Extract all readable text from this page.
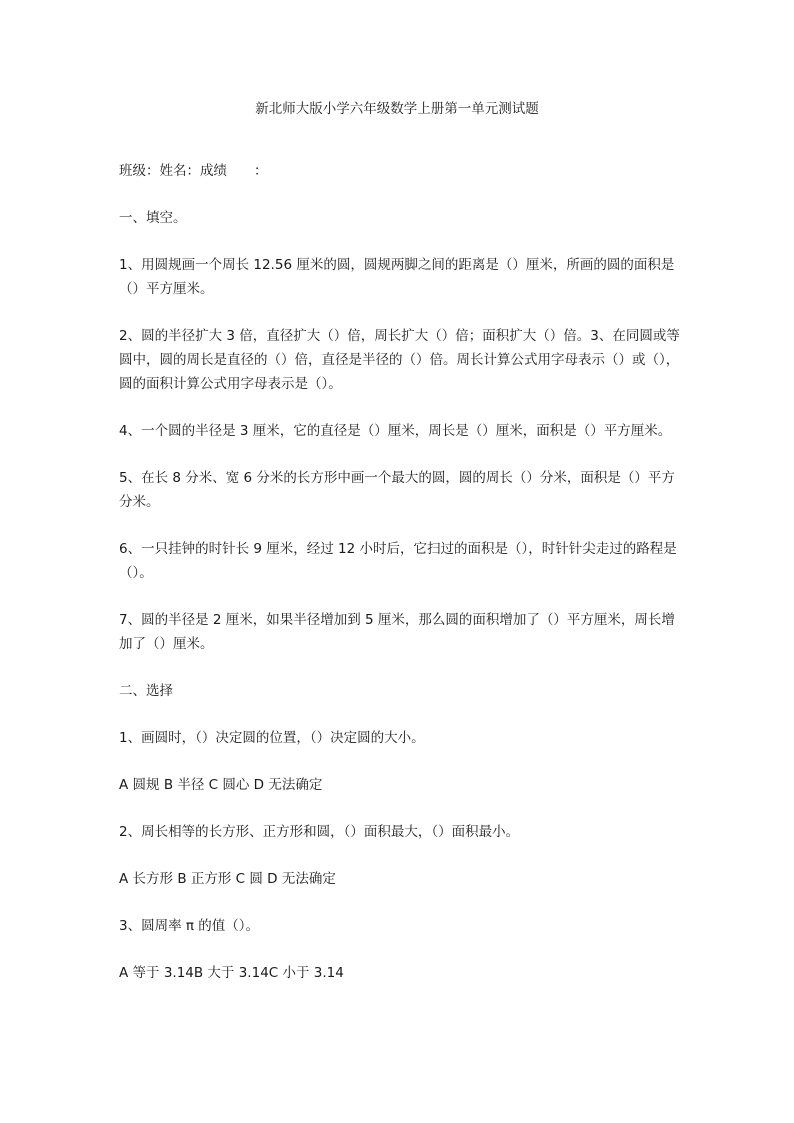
新北师大版小学六年级数学上册第一单元测试题

班级：姓名：成绩　　：

一、填空。

1、用圆规画一个周长 12.56 厘米的圆，圆规两脚之间的距离是（）厘米，所画的圆的面积是（）平方厘米。

2、圆的半径扩大 3 倍，直径扩大（）倍，周长扩大（）倍；面积扩大（）倍。3、在同圆或等圆中，圆的周长是直径的（）倍，直径是半径的（）倍。周长计算公式用字母表示（）或（），圆的面积计算公式用字母表示是（）。

4、一个圆的半径是 3 厘米，它的直径是（）厘米，周长是（）厘米，面积是（）平方厘米。

5、在长 8 分米、宽 6 分米的长方形中画一个最大的圆，圆的周长（）分米，面积是（）平方分米。

6、一只挂钟的时针长 9 厘米，经过 12 小时后，它扫过的面积是（），时针针尖走过的路程是（）。

7、圆的半径是 2 厘米，如果半径增加到 5 厘米，那么圆的面积增加了（）平方厘米，周长增加了（）厘米。

二、选择

1、画圆时，（）决定圆的位置，（）决定圆的大小。

A 圆规 B 半径 C 圆心 D 无法确定

2、周长相等的长方形、正方形和圆，（）面积最大，（）面积最小。

A 长方形 B 正方形 C 圆 D 无法确定

3、圆周率 π 的值（）。

A 等于 3.14B 大于 3.14C 小于 3.14
